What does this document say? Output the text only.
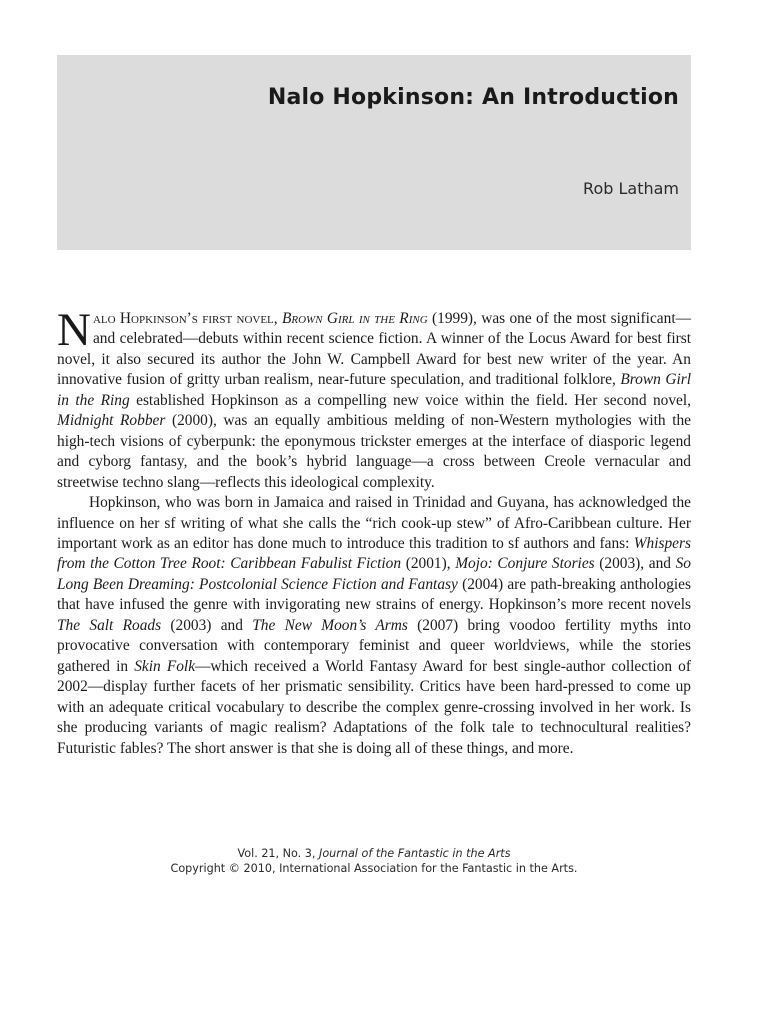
Nalo Hopkinson: An Introduction
Rob Latham

Nalo Hopkinson’s first novel, Brown Girl in the Ring (1999), was one of the most significant—and celebrated—debuts within recent science fiction. A winner of the Locus Award for best first novel, it also secured its author the John W. Campbell Award for best new writer of the year. An innovative fusion of gritty urban realism, near-future speculation, and traditional folklore, Brown Girl in the Ring established Hopkinson as a compelling new voice within the field. Her second novel, Midnight Robber (2000), was an equally ambitious melding of non-Western mythologies with the high-tech visions of cyberpunk: the eponymous trickster emerges at the interface of diasporic legend and cyborg fantasy, and the book’s hybrid language—a cross between Creole vernacular and streetwise techno slang—reflects this ideological complexity.

Hopkinson, who was born in Jamaica and raised in Trinidad and Guyana, has acknowledged the influence on her sf writing of what she calls the “rich cook-up stew” of Afro-Caribbean culture. Her important work as an editor has done much to introduce this tradition to sf authors and fans: Whispers from the Cotton Tree Root: Caribbean Fabulist Fiction (2001), Mojo: Conjure Stories (2003), and So Long Been Dreaming: Postcolonial Science Fiction and Fantasy (2004) are path-breaking anthologies that have infused the genre with invigorating new strains of energy. Hopkinson’s more recent novels The Salt Roads (2003) and The New Moon’s Arms (2007) bring voodoo fertility myths into provocative conversation with contemporary feminist and queer worldviews, while the stories gathered in Skin Folk—which received a World Fantasy Award for best single-author collection of 2002—display further facets of her prismatic sensibility. Critics have been hard-pressed to come up with an adequate critical vocabulary to describe the complex genre-crossing involved in her work. Is she producing variants of magic realism? Adaptations of the folk tale to technocultural realities? Futuristic fables? The short answer is that she is doing all of these things, and more.

Vol. 21, No. 3, Journal of the Fantastic in the Arts
Copyright © 2010, International Association for the Fantastic in the Arts.
